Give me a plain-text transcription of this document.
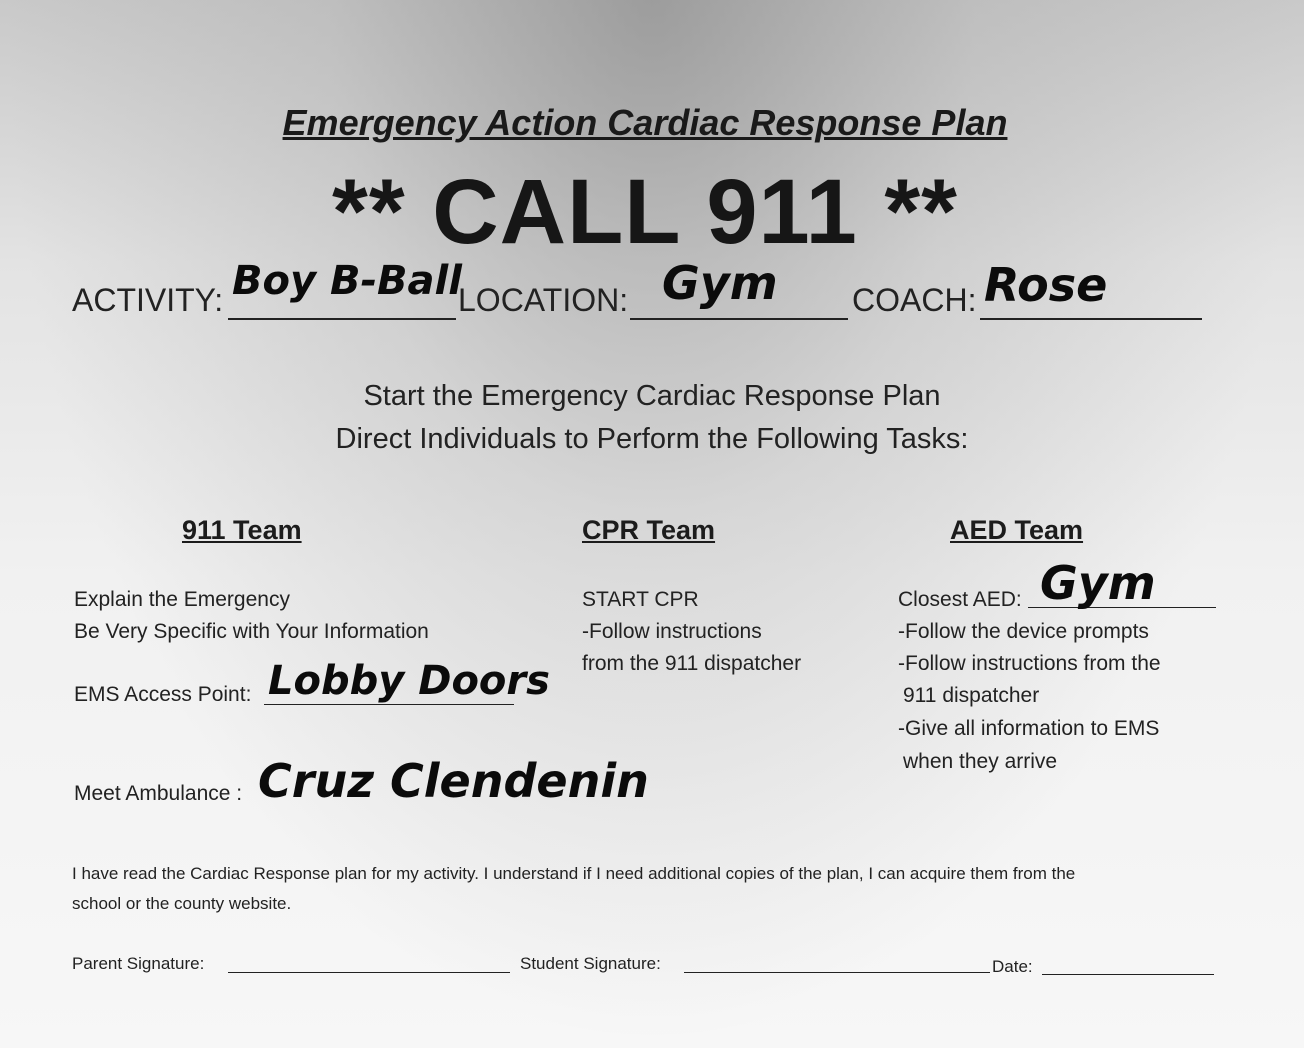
Emergency Action Cardiac Response Plan
** CALL 911 **
ACTIVITY: Boy B-Ball
LOCATION: Gym COACH: Rose
Start the Emergency Cardiac Response Plan
Direct Individuals to Perform the Following Tasks:
911 Team
Explain the Emergency
Be Very Specific with Your Information
EMS Access Point: Lobby Doors
Meet Ambulance : Cruz Clendenin
CPR Team
START CPR
-Follow instructions
from the 911 dispatcher
AED Team
Closest AED: Gym
-Follow the device prompts
-Follow instructions from the
911 dispatcher
-Give all information to EMS
when they arrive
I have read the Cardiac Response plan for my activity. I understand if I need additional copies of the plan, I can acquire them from the
school or the county website.
Parent Signature:	Student Signature:	Date:
